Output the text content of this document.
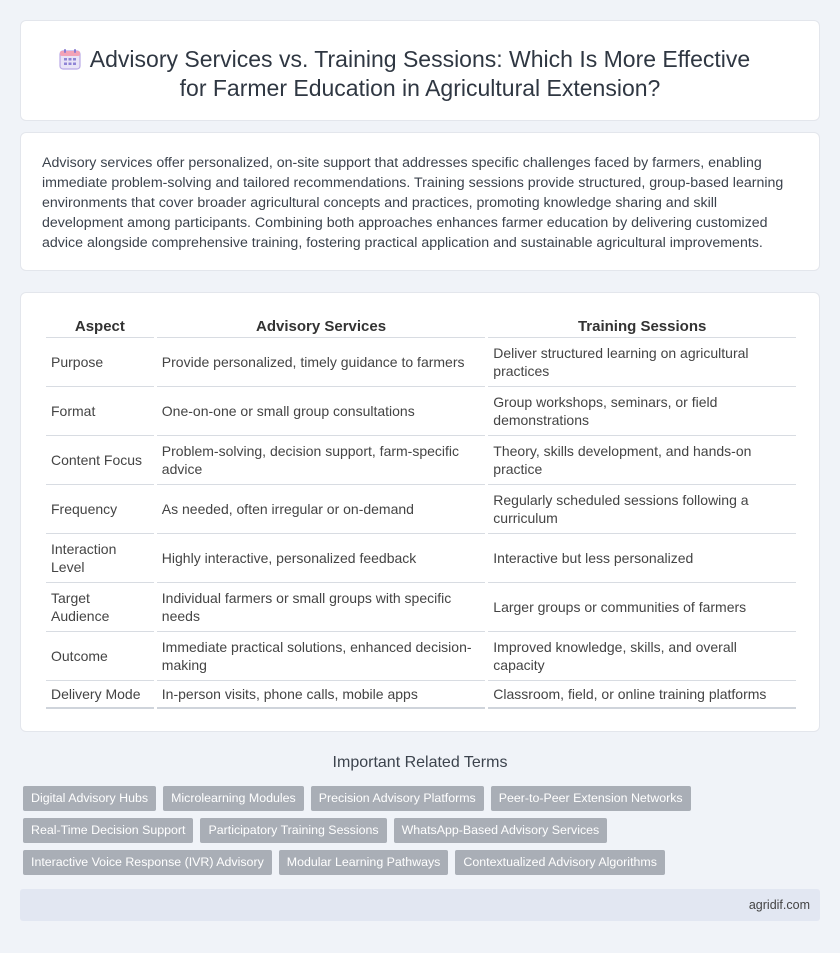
Advisory Services vs. Training Sessions: Which Is More Effective
for Farmer Education in Agricultural Extension?

Advisory services offer personalized, on-site support that addresses specific challenges faced by farmers, enabling immediate problem-solving and tailored recommendations. Training sessions provide structured, group-based learning environments that cover broader agricultural concepts and practices, promoting knowledge sharing and skill development among participants. Combining both approaches enhances farmer education by delivering customized advice alongside comprehensive training, fostering practical application and sustainable agricultural improvements.

Aspect	Advisory Services	Training Sessions
Purpose	Provide personalized, timely guidance to farmers	Deliver structured learning on agricultural practices
Format	One-on-one or small group consultations	Group workshops, seminars, or field demonstrations
Content Focus	Problem-solving, decision support, farm-specific advice	Theory, skills development, and hands-on practice
Frequency	As needed, often irregular or on-demand	Regularly scheduled sessions following a curriculum
Interaction Level	Highly interactive, personalized feedback	Interactive but less personalized
Target Audience	Individual farmers or small groups with specific needs	Larger groups or communities of farmers
Outcome	Immediate practical solutions, enhanced decision-making	Improved knowledge, skills, and overall capacity
Delivery Mode	In-person visits, phone calls, mobile apps	Classroom, field, or online training platforms
Important Related Terms
Digital Advisory Hubs	Microlearning Modules	Precision Advisory Platforms	Peer-to-Peer Extension Networks
Real-Time Decision Support	Participatory Training Sessions	WhatsApp-Based Advisory Services
Interactive Voice Response (IVR) Advisory	Modular Learning Pathways	Contextualized Advisory Algorithms
agridif.com
